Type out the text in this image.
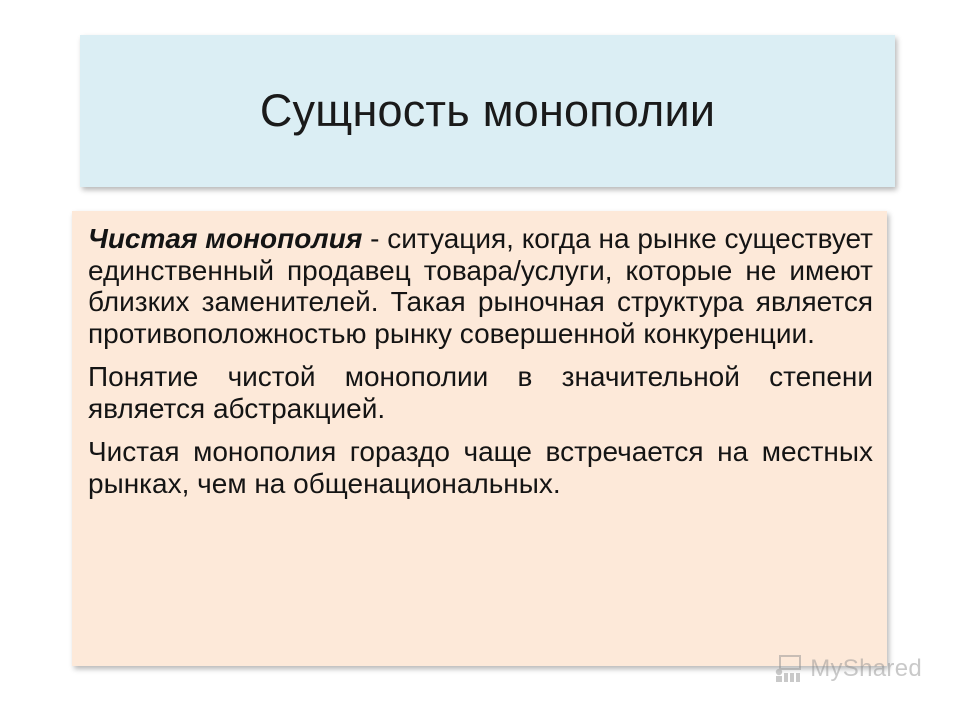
Сущность монополии

Чистая монополия - ситуация, когда на рынке существует единственный продавец товара/услуги, которые не имеют близких заменителей. Такая рыночная структура является противоположностью рынку совершенной конкуренции.

Понятие чистой монополии в значительной степени является абстракцией.

Чистая монополия гораздо чаще встречается на местных рынках, чем на общенациональных.

MyShared
